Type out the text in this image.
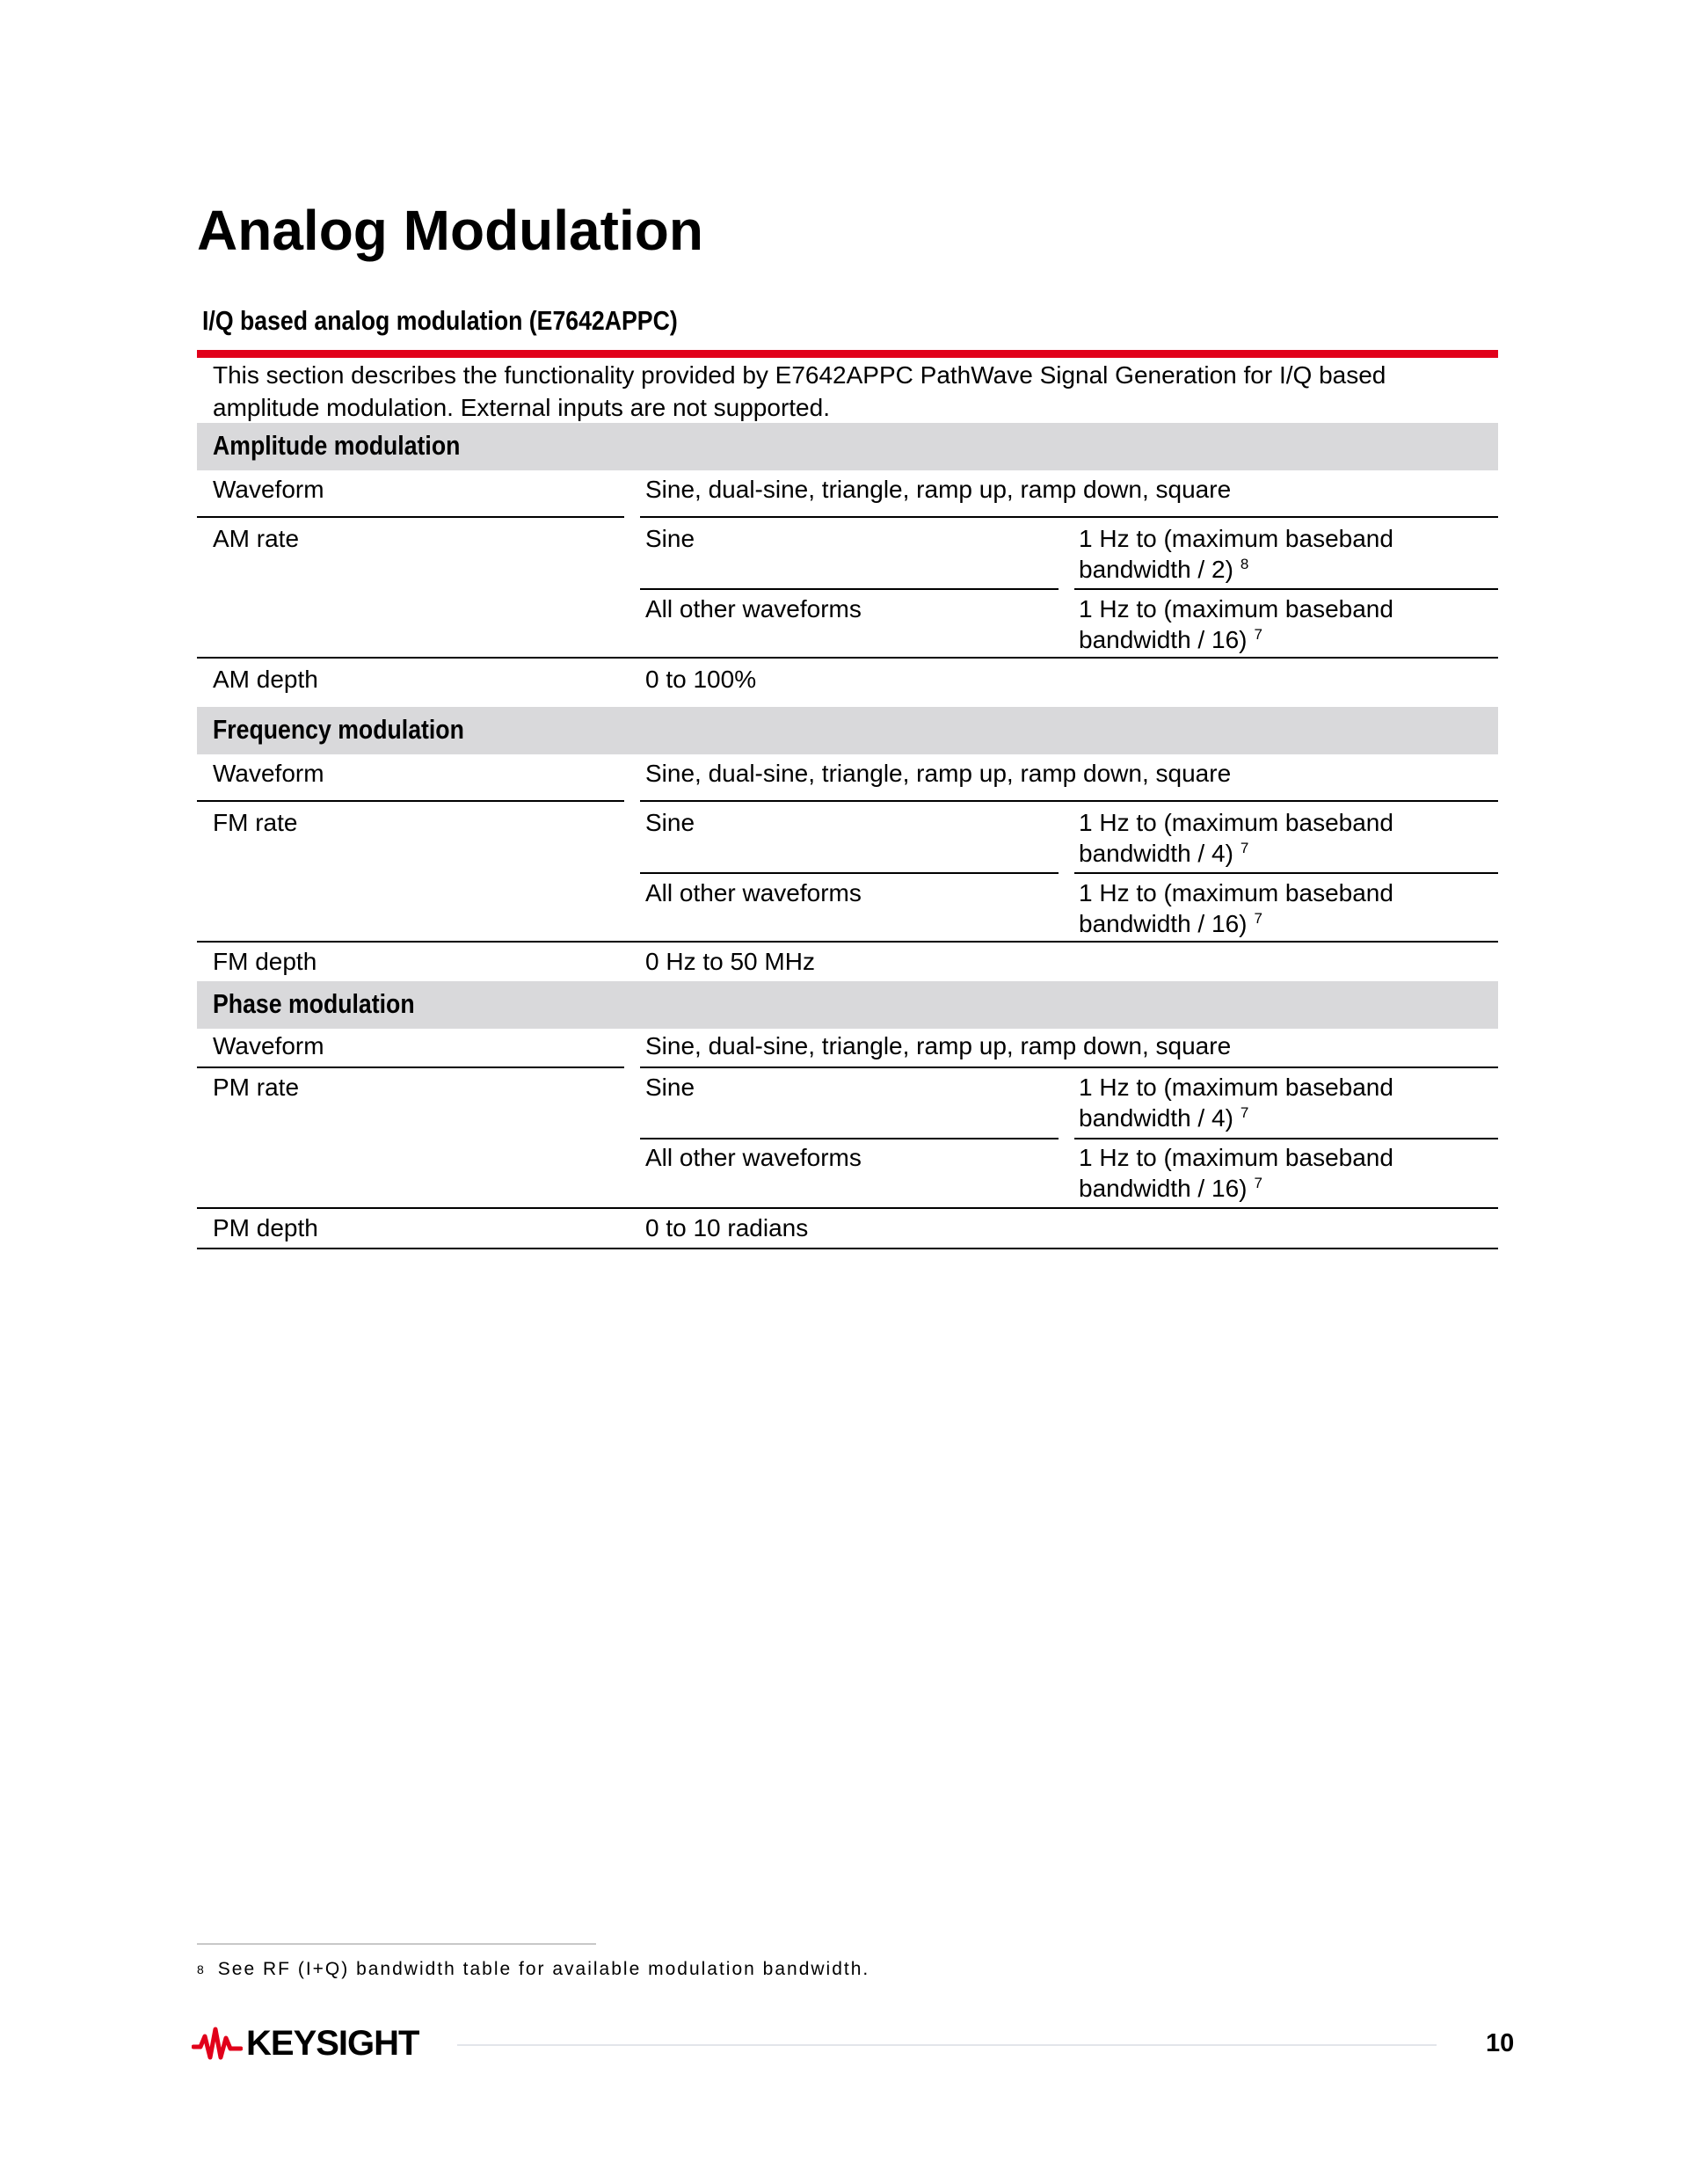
Analog Modulation
I/Q based analog modulation (E7642APPC)
This section describes the functionality provided by E7642APPC PathWave Signal Generation for I/Q based
amplitude modulation. External inputs are not supported.
Amplitude modulation
Waveform	Sine, dual-sine, triangle, ramp up, ramp down, square
AM rate	Sine	1 Hz to (maximum baseband
bandwidth / 2) $^8$
All other waveforms	1 Hz to (maximum baseband
bandwidth / 16) $^7$
AM depth	0 to 100%
Frequency modulation
Waveform	Sine, dual-sine, triangle, ramp up, ramp down, square
FM rate	Sine	1 Hz to (maximum baseband
bandwidth / 4) $^7$
All other waveforms	1 Hz to (maximum baseband
bandwidth / 16) $^7$
FM depth	0 Hz to 50 MHz
Phase modulation
Waveform	Sine, dual-sine, triangle, ramp up, ramp down, square
PM rate	Sine	1 Hz to (maximum baseband
bandwidth / 4) $^7$
All other waveforms	1 Hz to (maximum baseband
bandwidth / 16) $^7$
PM depth	0 to 10 radians
$^8$ See RF (I+Q) bandwidth table for available modulation bandwidth.
KEYSIGHT	10
